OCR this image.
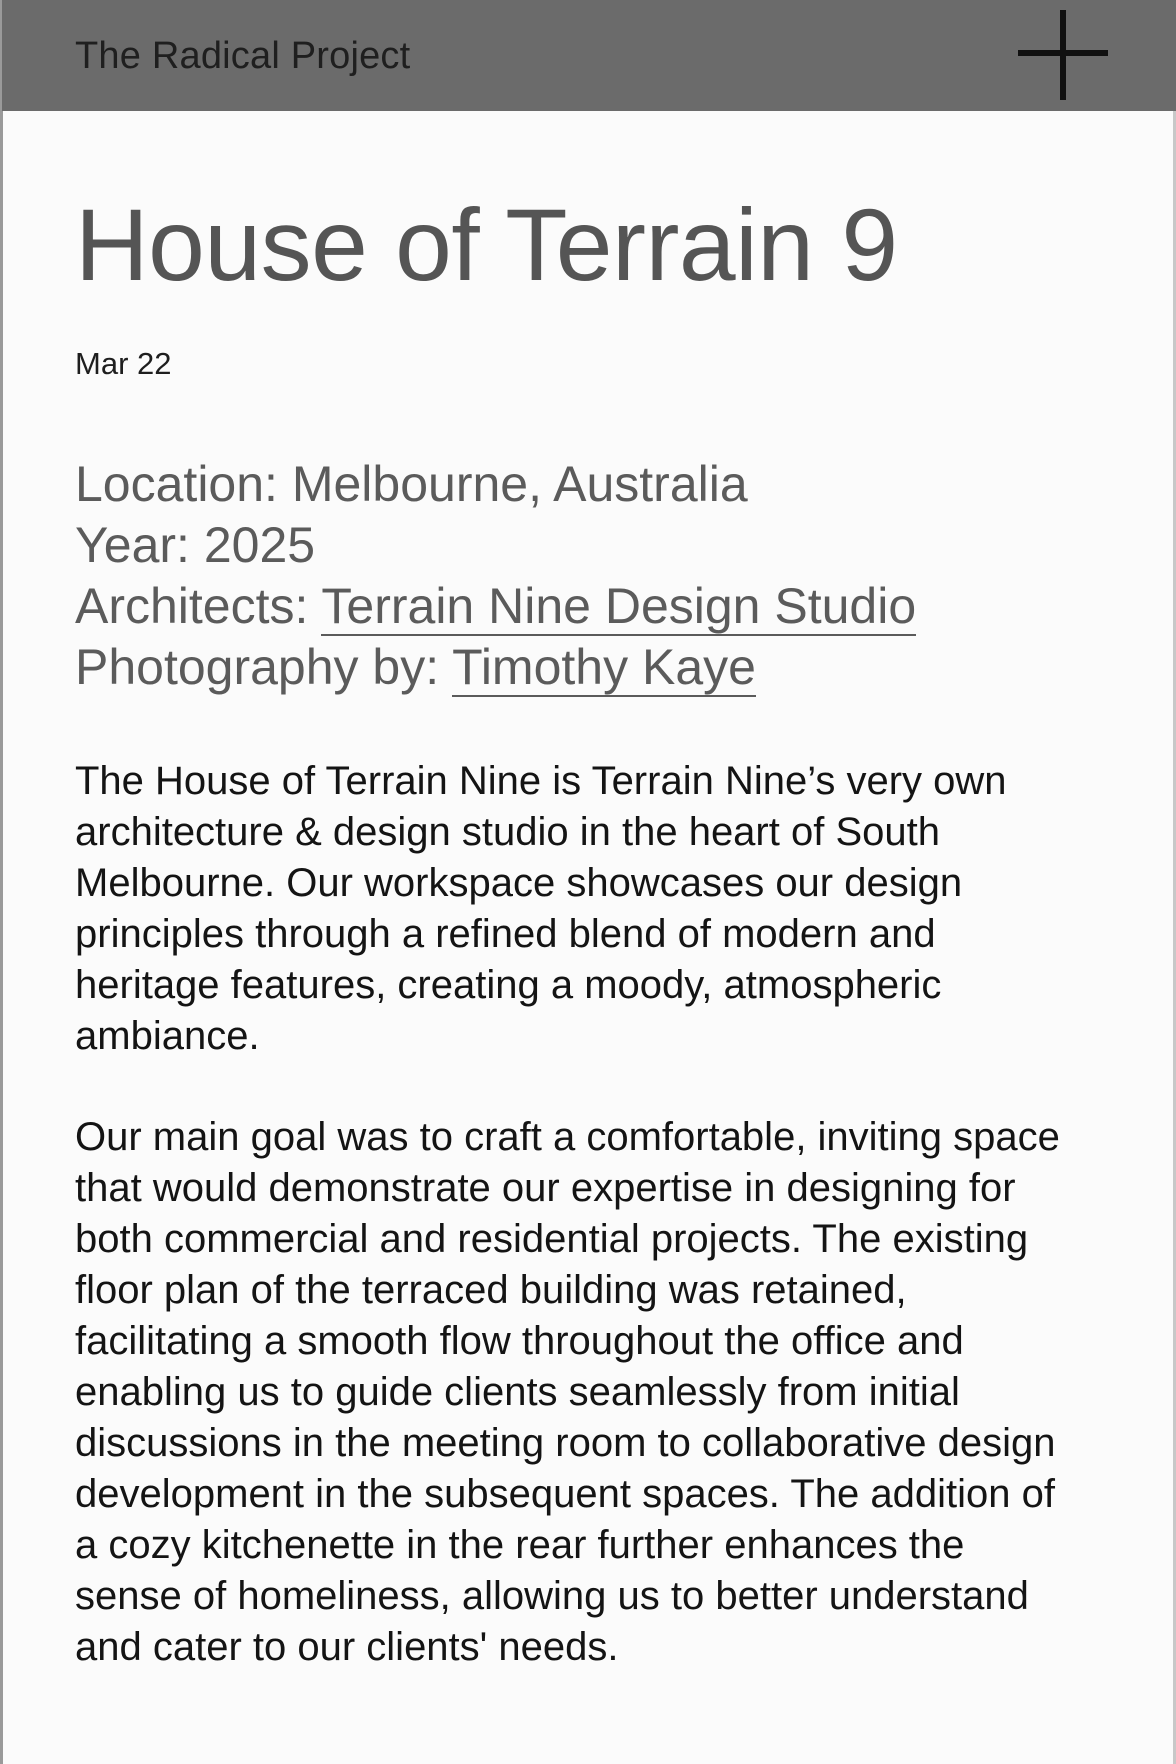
The Radical Project
House of Terrain 9
Mar 22
Location: Melbourne, Australia
Year: 2025
Architects: Terrain Nine Design Studio
Photography by: Timothy Kaye

The House of Terrain Nine is Terrain Nine’s very own
architecture & design studio in the heart of South
Melbourne. Our workspace showcases our design
principles through a refined blend of modern and
heritage features, creating a moody, atmospheric
ambiance.

Our main goal was to craft a comfortable, inviting space
that would demonstrate our expertise in designing for
both commercial and residential projects. The existing
floor plan of the terraced building was retained,
facilitating a smooth flow throughout the office and
enabling us to guide clients seamlessly from initial
discussions in the meeting room to collaborative design
development in the subsequent spaces. The addition of
a cozy kitchenette in the rear further enhances the
sense of homeliness, allowing us to better understand
and cater to our clients' needs.
